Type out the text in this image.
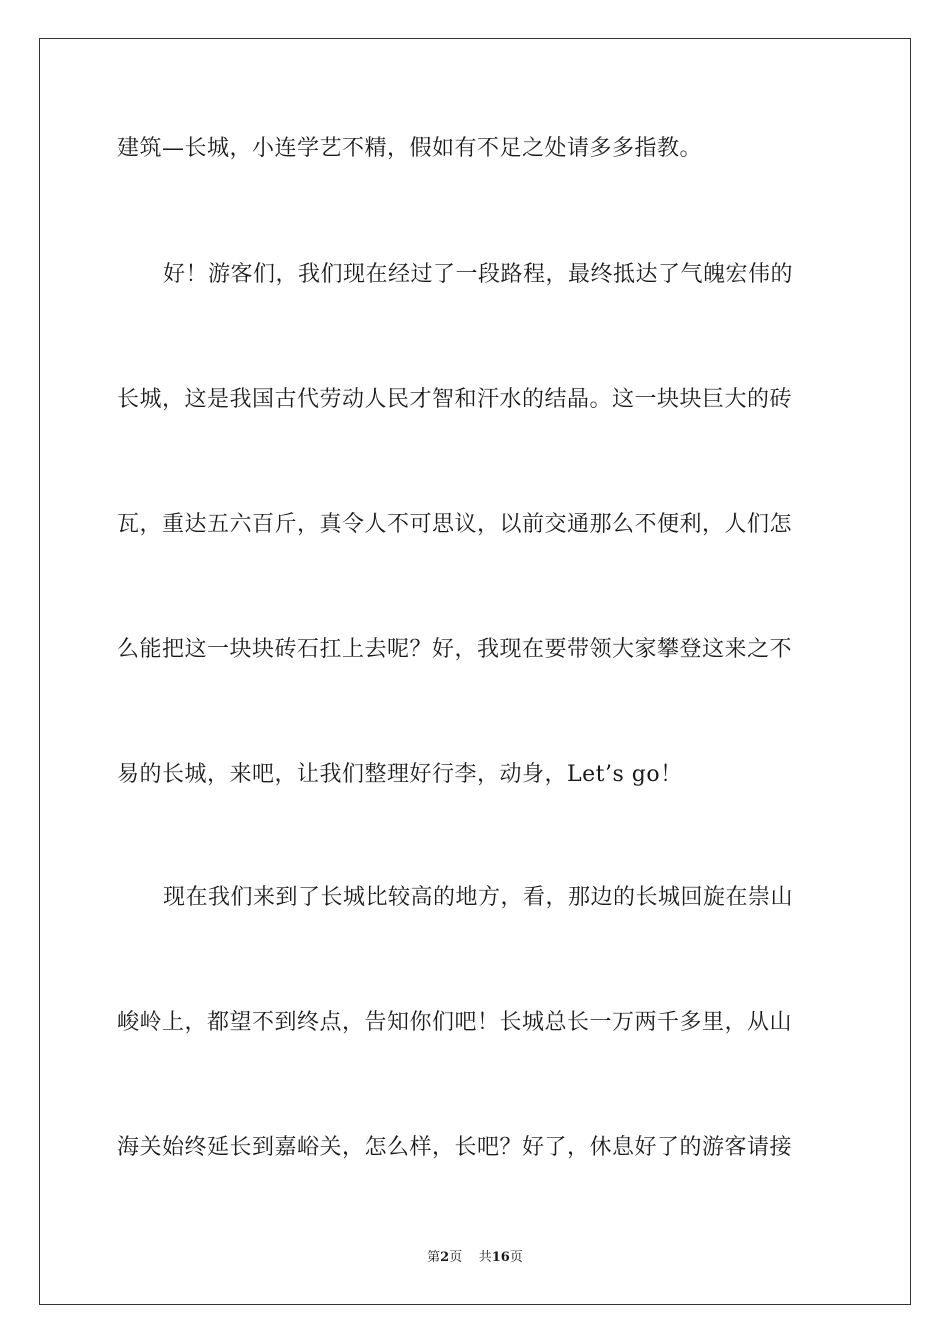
建筑—长城，小连学艺不精，假如有不足之处请多多指教。
好！游客们，我们现在经过了一段路程，最终抵达了气魄宏伟的
长城，这是我国古代劳动人民才智和汗水的结晶。这一块块巨大的砖
瓦，重达五六百斤，真令人不可思议，以前交通那么不便利，人们怎
么能把这一块块砖石扛上去呢？好，我现在要带领大家攀登这来之不
易的长城，来吧，让我们整理好行李，动身，Let’s go！
现在我们来到了长城比较高的地方，看，那边的长城回旋在崇山
峻岭上，都望不到终点，告知你们吧！长城总长一万两千多里，从山
海关始终延长到嘉峪关，怎么样，长吧？好了，休息好了的游客请接
第2页 共16页
